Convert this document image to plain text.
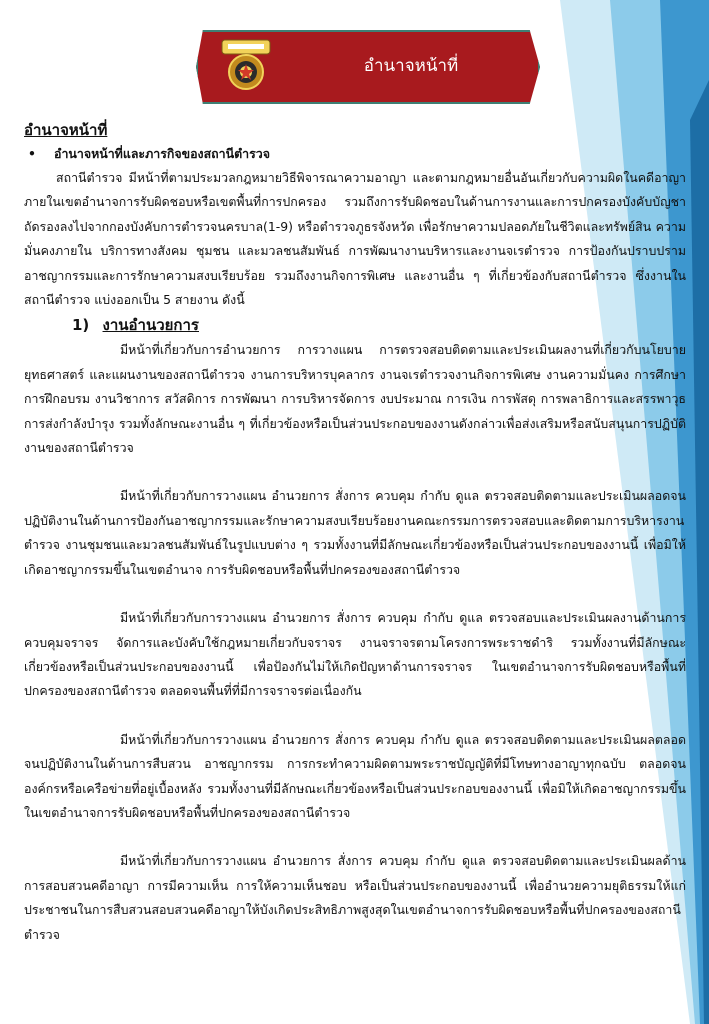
อำนาจหน้าที่
อำนาจหน้าที่
•	อำนาจหน้าที่และภารกิจของสถานีตำรวจ

สถานีตำรวจ มีหน้าที่ตามประมวลกฎหมายวิธีพิจารณาความอาญา และตามกฎหมายอื่นอันเกี่ยวกับความผิดในคดีอาญาภายในเขตอำนาจการรับผิดชอบหรือเขตพื้นที่การปกครอง รวมถึงการรับผิดชอบในด้านการงานและการปกครองบังคับบัญชาถัดรองลงไปจากกองบังคับการตำรวจนครบาล(1-9) หรือตำรวจภูธรจังหวัด เพื่อรักษาความปลอดภัยในชีวิตและทรัพย์สิน ความมั่นคงภายใน บริการทางสังคม ชุมชน และมวลชนสัมพันธ์ การพัฒนางานบริหารและงานจเรตำรวจ การป้องกันปราบปรามอาชญากรรมและการรักษาความสงบเรียบร้อย รวมถึงงานกิจการพิเศษ และงานอื่น ๆ ที่เกี่ยวข้องกับสถานีตำรวจ ซึ่งงานในสถานีตำรวจ แบ่งออกเป็น 5 สายงาน ดังนี้

1) งานอำนวยการ

มีหน้าที่เกี่ยวกับการอำนวยการ การวางแผน การตรวจสอบติดตามและประเมินผลงานที่เกี่ยวกับนโยบาย ยุทธศาสตร์ และแผนงานของสถานีตำรวจ งานการบริหารบุคลากร งานจเรตำรวจงานกิจการพิเศษ งานความมั่นคง การศึกษา การฝึกอบรม งานวิชาการ สวัสดิการ การพัฒนา การบริหารจัดการ งบประมาณ การเงิน การพัสดุ การพลาธิการและสรรพาวุธ การส่งกำลังบำรุง รวมทั้งลักษณะงานอื่น ๆ ที่เกี่ยวข้องหรือเป็นส่วนประกอบของงานดังกล่าวเพื่อส่งเสริมหรือสนับสนุนการปฏิบัติงานของสถานีตำรวจ

มีหน้าที่เกี่ยวกับการวางแผน อำนวยการ สั่งการ ควบคุม กำกับ ดูแล ตรวจสอบติดตามและประเมินผลอดจนปฏิบัติงานในด้านการป้องกันอาชญากรรมและรักษาความสงบเรียบร้อยงานคณะกรรมการตรวจสอบและติดตามการบริหารงานตำรวจ งานชุมชนและมวลชนสัมพันธ์ในรูปแบบต่าง ๆ รวมทั้งงานที่มีลักษณะเกี่ยวข้องหรือเป็นส่วนประกอบของงานนี้ เพื่อมิให้เกิดอาชญากรรมขึ้นในเขตอำนาจ การรับผิดชอบหรือพื้นที่ปกครองของสถานีตำรวจ

มีหน้าที่เกี่ยวกับการวางแผน อำนวยการ สั่งการ ควบคุม กำกับ ดูแล ตรวจสอบและประเมินผลงานด้านการควบคุมจราจร จัดการและบังคับใช้กฎหมายเกี่ยวกับจราจร งานจราจรตามโครงการพระราชดำริ รวมทั้งงานที่มีลักษณะเกี่ยวข้องหรือเป็นส่วนประกอบของงานนี้ เพื่อป้องกันไม่ให้เกิดปัญหาด้านการจราจร ในเขตอำนาจการรับผิดชอบหรือพื้นที่ปกครองของสถานีตำรวจ ตลอดจนพื้นที่ที่มีการจราจรต่อเนื่องกัน

มีหน้าที่เกี่ยวกับการวางแผน อำนวยการ สั่งการ ควบคุม กำกับ ดูแล ตรวจสอบติดตามและประเมินผลตลอดจนปฏิบัติงานในด้านการสืบสวน อาชญากรรม การกระทำความผิดตามพระราชบัญญัติที่มีโทษทางอาญาทุกฉบับ ตลอดจนองค์กรหรือเครือข่ายที่อยู่เบื้องหลัง รวมทั้งงานที่มีลักษณะเกี่ยวข้องหรือเป็นส่วนประกอบของงานนี้ เพื่อมิให้เกิดอาชญากรรมขึ้นในเขตอำนาจการรับผิดชอบหรือพื้นที่ปกครองของสถานีตำรวจ

มีหน้าที่เกี่ยวกับการวางแผน อำนวยการ สั่งการ ควบคุม กำกับ ดูแล ตรวจสอบติดตามและประเมินผลด้านการสอบสวนคดีอาญา การมีความเห็น การให้ความเห็นชอบ หรือเป็นส่วนประกอบของงานนี้ เพื่ออำนวยความยุติธรรมให้แก่ประชาชนในการสืบสวนสอบสวนคดีอาญาให้บังเกิดประสิทธิภาพสูงสุดในเขตอำนาจการรับผิดชอบหรือพื้นที่ปกครองของสถานีตำรวจ
